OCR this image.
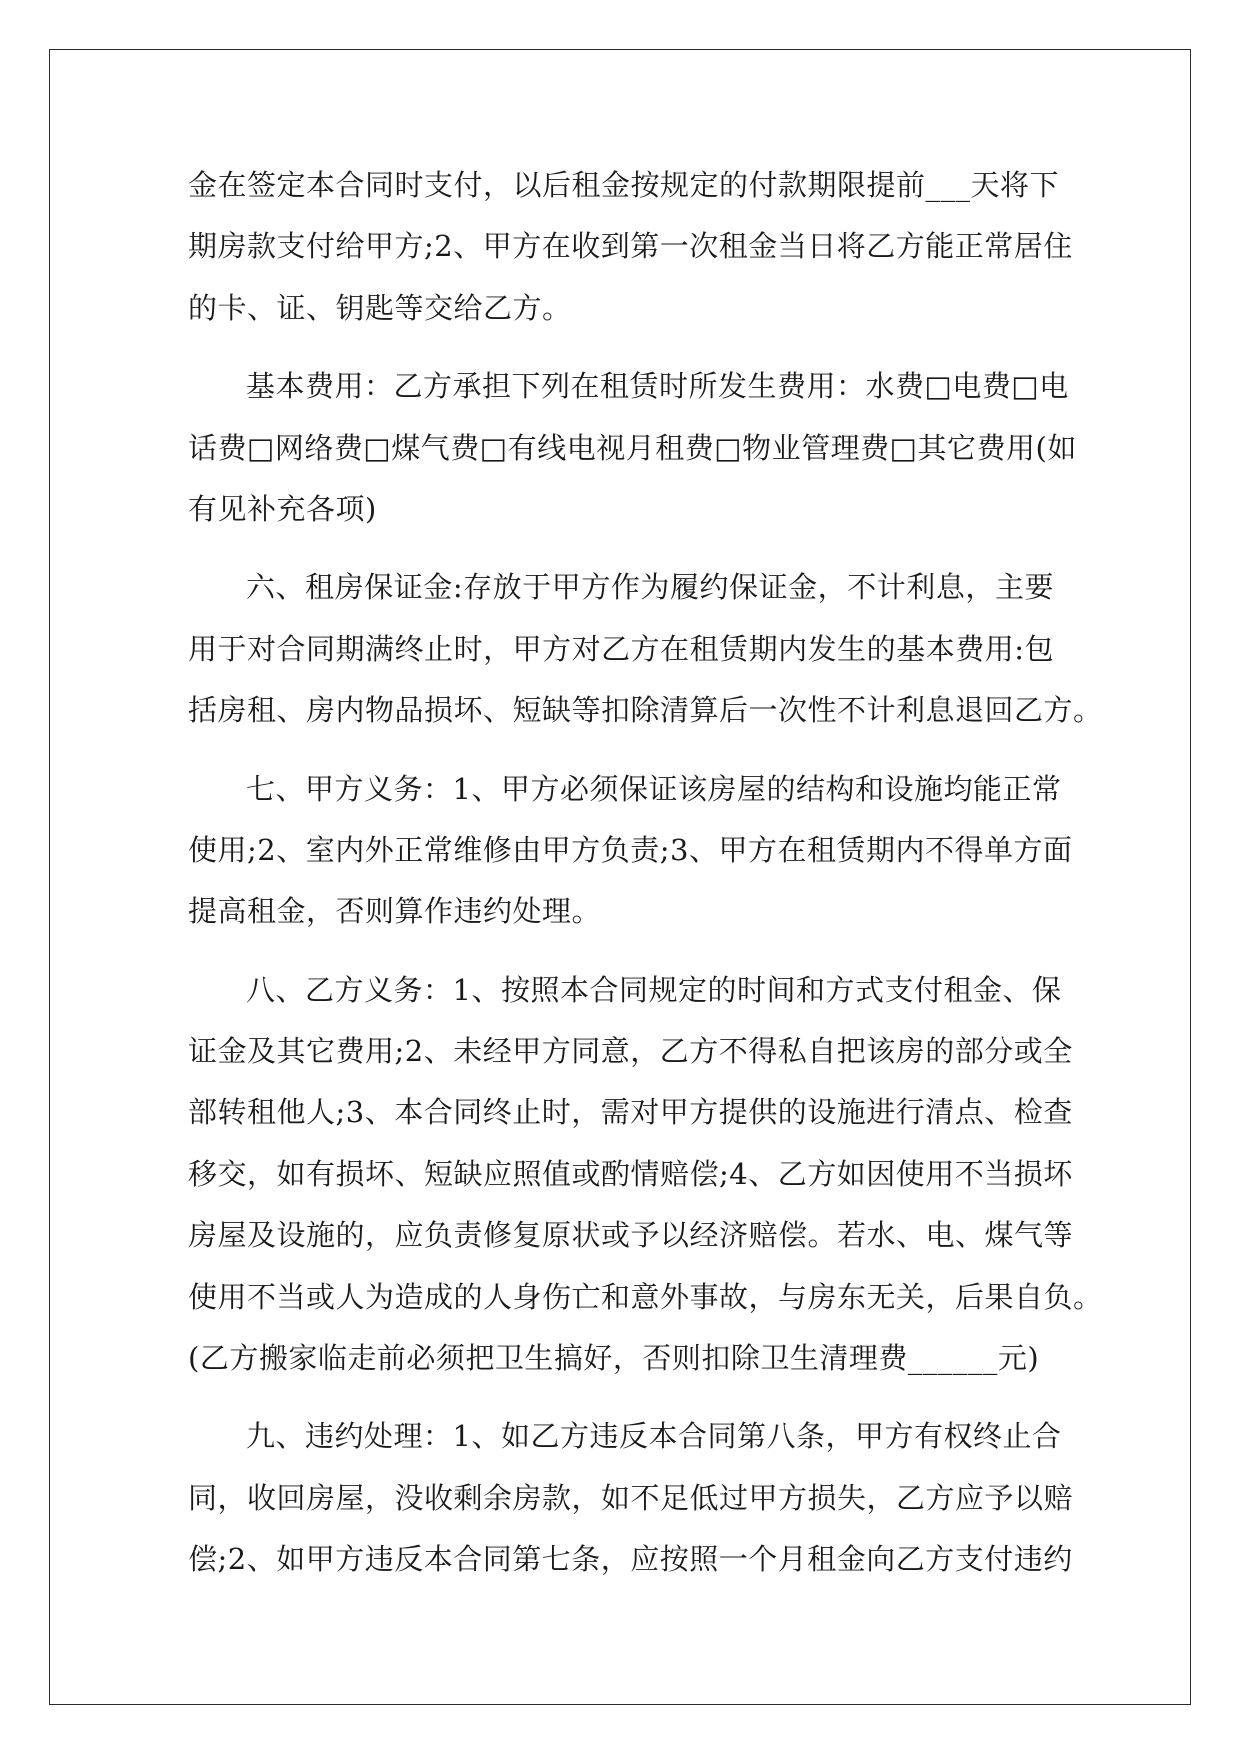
金在签定本合同时支付，以后租金按规定的付款期限提前___天将下
期房款支付给甲方;2、甲方在收到第一次租金当日将乙方能正常居住
的卡、证、钥匙等交给乙方。
基本费用：乙方承担下列在租赁时所发生费用：水费□电费□电
话费□网络费□煤气费□有线电视月租费□物业管理费□其它费用(如
有见补充各项)
六、租房保证金:存放于甲方作为履约保证金，不计利息，主要
用于对合同期满终止时，甲方对乙方在租赁期内发生的基本费用:包
括房租、房内物品损坏、短缺等扣除清算后一次性不计利息退回乙方。
七、甲方义务：1、甲方必须保证该房屋的结构和设施均能正常
使用;2、室内外正常维修由甲方负责;3、甲方在租赁期内不得单方面
提高租金，否则算作违约处理。
八、乙方义务：1、按照本合同规定的时间和方式支付租金、保
证金及其它费用;2、未经甲方同意，乙方不得私自把该房的部分或全
部转租他人;3、本合同终止时，需对甲方提供的设施进行清点、检查
移交，如有损坏、短缺应照值或酌情赔偿;4、乙方如因使用不当损坏
房屋及设施的，应负责修复原状或予以经济赔偿。若水、电、煤气等
使用不当或人为造成的人身伤亡和意外事故，与房东无关，后果自负。
(乙方搬家临走前必须把卫生搞好，否则扣除卫生清理费______元)
九、违约处理：1、如乙方违反本合同第八条，甲方有权终止合
同，收回房屋，没收剩余房款，如不足低过甲方损失，乙方应予以赔
偿;2、如甲方违反本合同第七条，应按照一个月租金向乙方支付违约
